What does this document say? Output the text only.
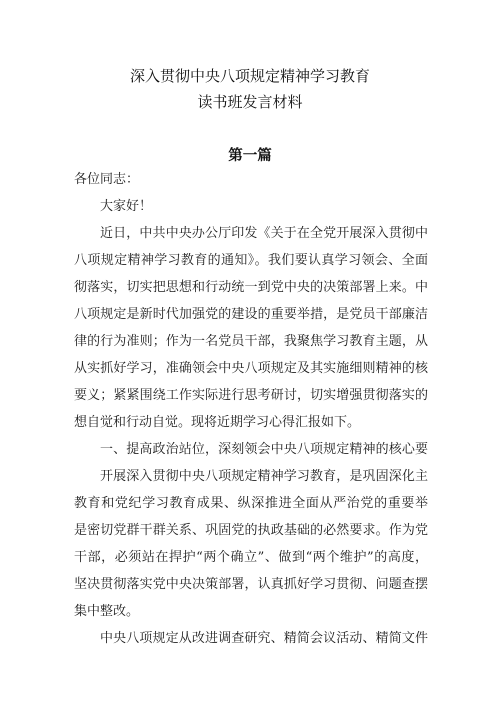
深入贯彻中央八项规定精神学习教育
读书班发言材料
第一篇
各位同志：
大家好！
近日，中共中央办公厅印发《关于在全党开展深入贯彻中
八项规定精神学习教育的通知》。我们要认真学习领会、全面
彻落实，切实把思想和行动统一到党中央的决策部署上来。中
八项规定是新时代加强党的建设的重要举措，是党员干部廉洁
律的行为准则；作为一名党员干部，我聚焦学习教育主题，从
从实抓好学习，准确领会中央八项规定及其实施细则精神的核
要义；紧紧围绕工作实际进行思考研讨，切实增强贯彻落实的
想自觉和行动自觉。现将近期学习心得汇报如下。
一、提高政治站位，深刻领会中央八项规定精神的核心要
开展深入贯彻中央八项规定精神学习教育，是巩固深化主
教育和党纪学习教育成果、纵深推进全面从严治党的重要举
是密切党群干群关系、巩固党的执政基础的必然要求。作为党
干部，必须站在捍护“两个确立”、做到“两个维护”的高度，
坚决贯彻落实党中央决策部署，认真抓好学习贯彻、问题查摆
集中整改。
中央八项规定从改进调查研究、精简会议活动、精简文件
